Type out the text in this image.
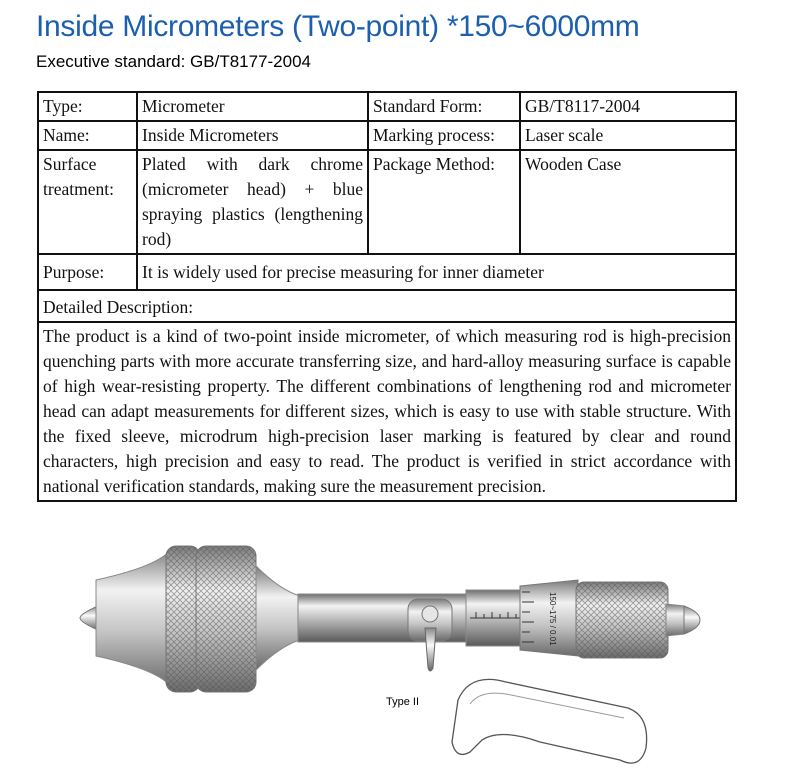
Inside Micrometers (Two-point) *150~6000mm
Executive standard: GB/T8177-2004
Type:	Micrometer	Standard Form:	GB/T8117-2004
Name:	Inside Micrometers	Marking process:	Laser scale
Surface treatment:	Plated with dark chrome (micrometer head) + blue spraying plastics (lengthening rod)	Package Method:	Wooden Case
Purpose:	It is widely used for precise measuring for inner diameter		
Detailed Description:			
The product is a kind of two-point inside micrometer, of which measuring rod is high-precision quenching parts with more accurate transferring size, and hard-alloy measuring surface is capable of high wear-resisting property. The different combinations of lengthening rod and micrometer head can adapt measurements for different sizes, which is easy to use with stable structure. With the fixed sleeve, microdrum high-precision laser marking is featured by clear and round characters, high precision and easy to read. The product is verified in strict accordance with national verification standards, making sure the measurement precision.			
150~175 / 0.01
Type II
